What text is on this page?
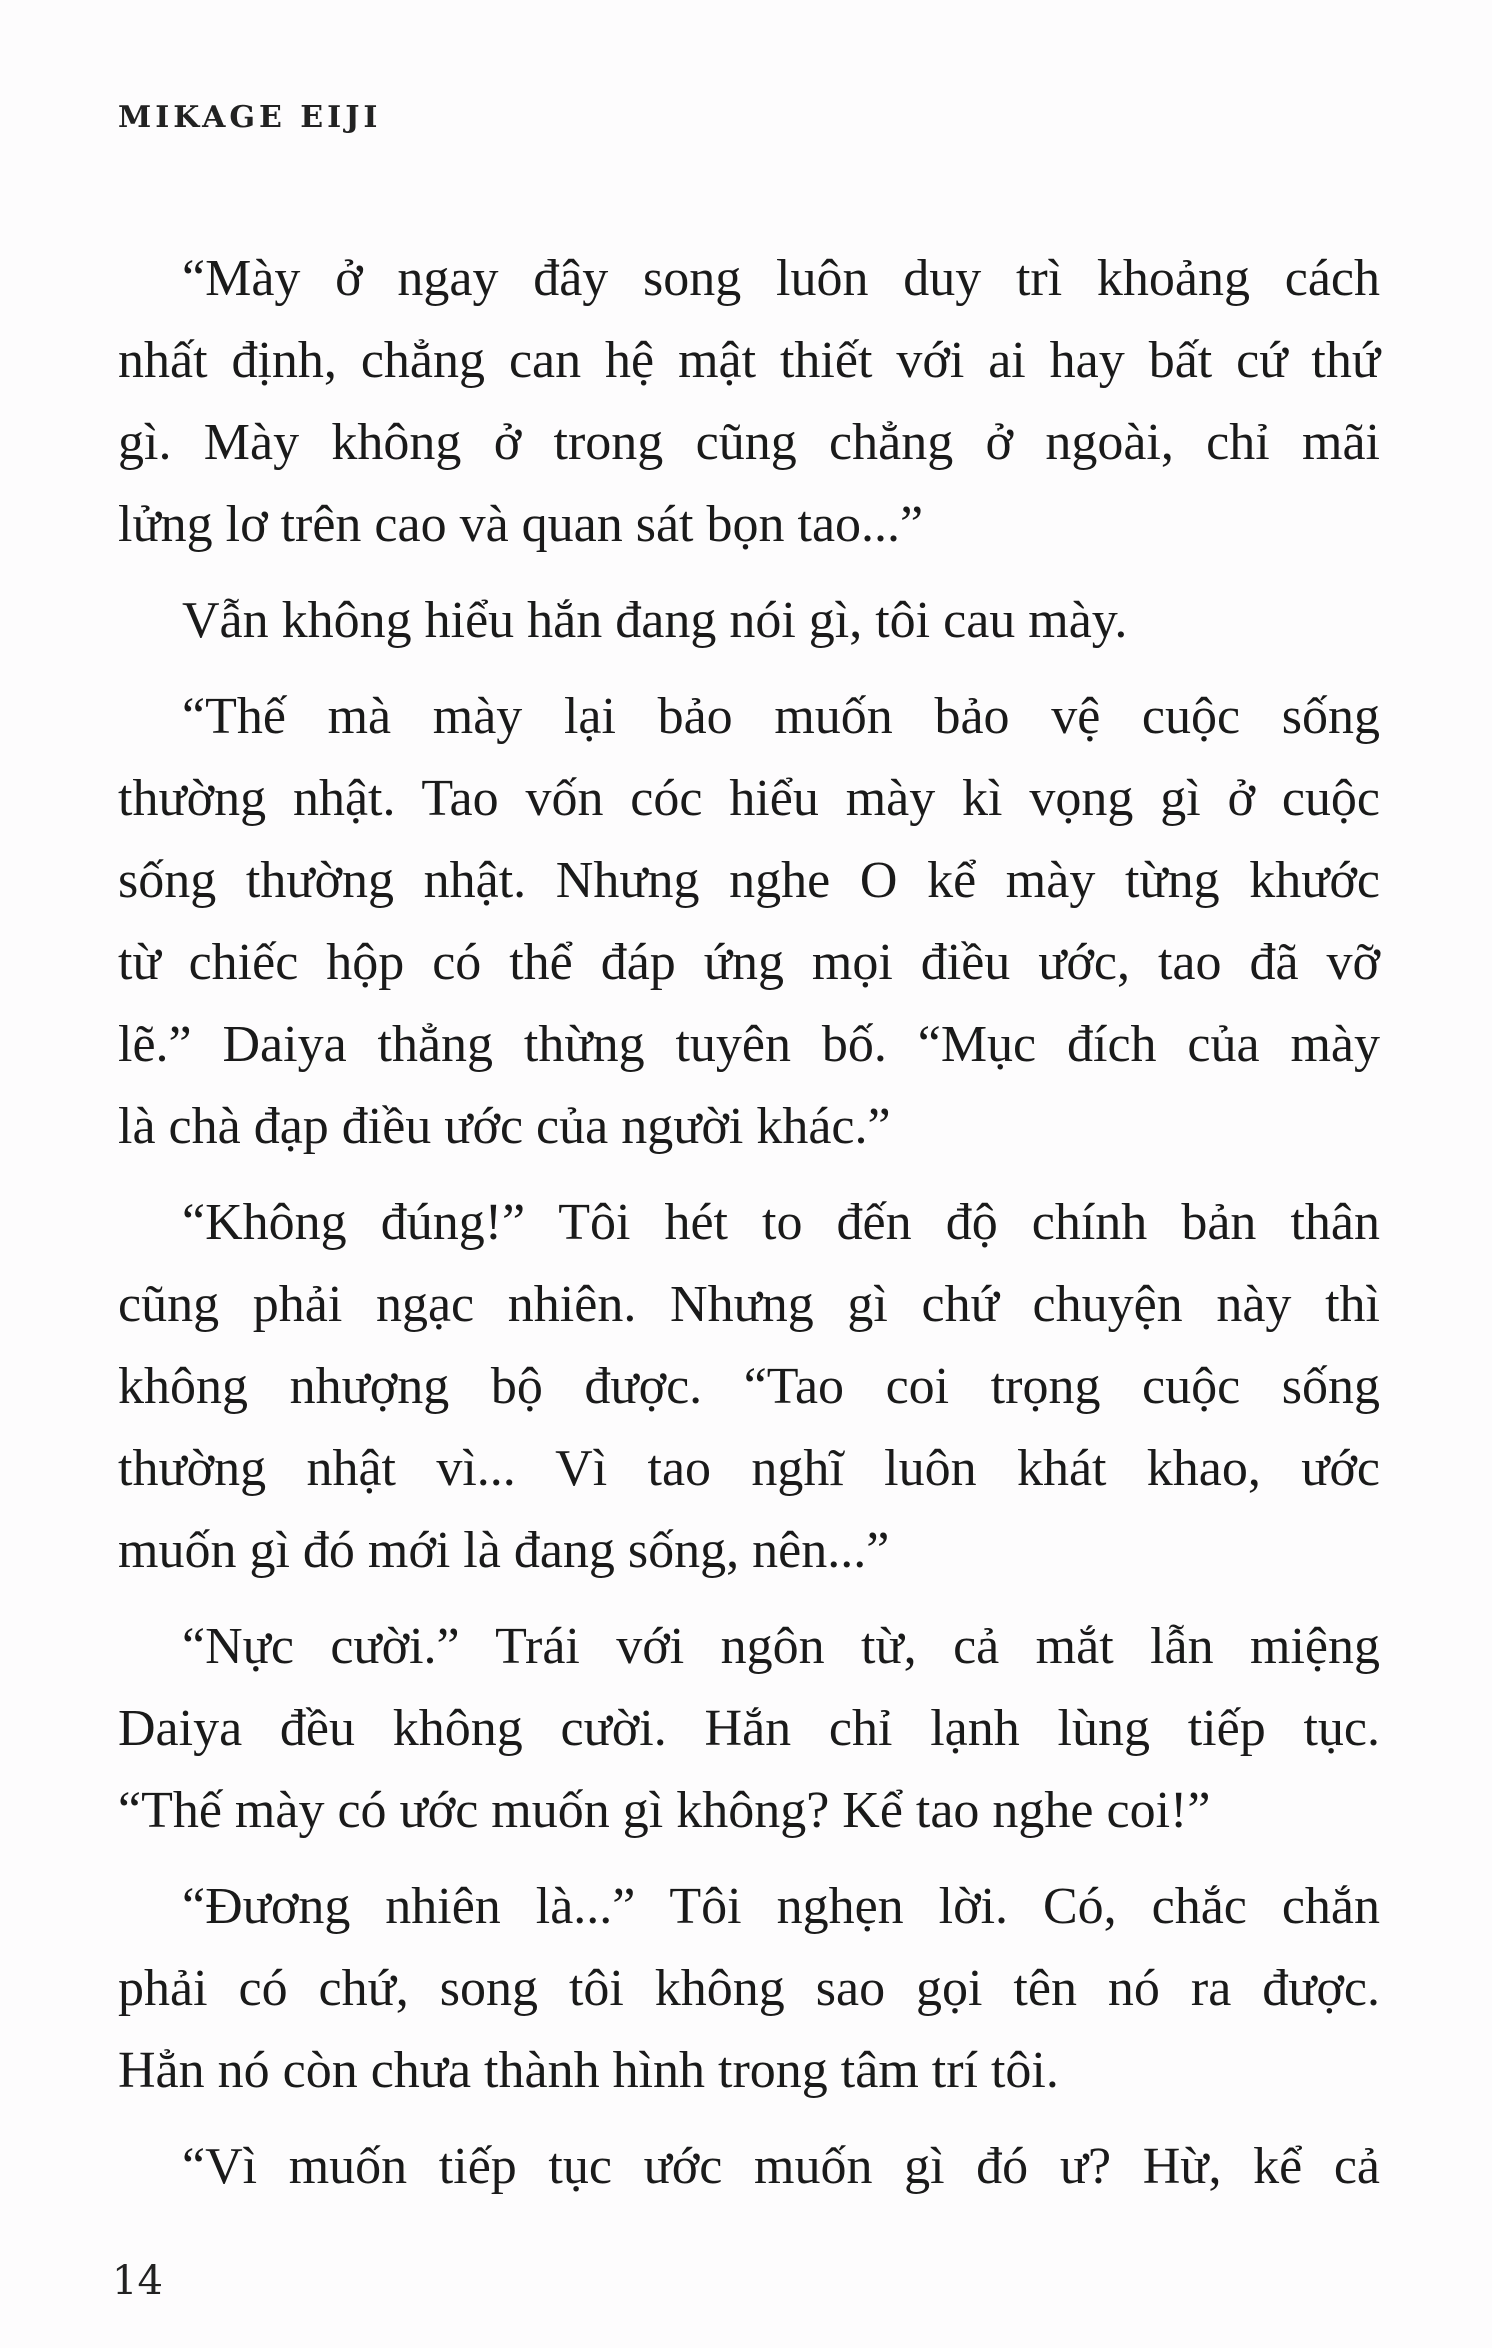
MIKAGE EIJI
“Mày ở ngay đây song luôn duy trì khoảng cách
nhất định, chẳng can hệ mật thiết với ai hay bất cứ thứ
gì. Mày không ở trong cũng chẳng ở ngoài, chỉ mãi
lửng lơ trên cao và quan sát bọn tao...”
Vẫn không hiểu hắn đang nói gì, tôi cau mày.
“Thế mà mày lại bảo muốn bảo vệ cuộc sống
thường nhật. Tao vốn cóc hiểu mày kì vọng gì ở cuộc
sống thường nhật. Nhưng nghe O kể mày từng khước
từ chiếc hộp có thể đáp ứng mọi điều ước, tao đã vỡ
lẽ.” Daiya thẳng thừng tuyên bố. “Mục đích của mày
là chà đạp điều ước của người khác.”
“Không đúng!” Tôi hét to đến độ chính bản thân
cũng phải ngạc nhiên. Nhưng gì chứ chuyện này thì
không nhượng bộ được. “Tao coi trọng cuộc sống
thường nhật vì... Vì tao nghĩ luôn khát khao, ước
muốn gì đó mới là đang sống, nên...”
“Nực cười.” Trái với ngôn từ, cả mắt lẫn miệng
Daiya đều không cười. Hắn chỉ lạnh lùng tiếp tục.
“Thế mày có ước muốn gì không? Kể tao nghe coi!”
“Đương nhiên là...” Tôi nghẹn lời. Có, chắc chắn
phải có chứ, song tôi không sao gọi tên nó ra được.
Hẳn nó còn chưa thành hình trong tâm trí tôi.
“Vì muốn tiếp tục ước muốn gì đó ư? Hừ, kể cả
14
